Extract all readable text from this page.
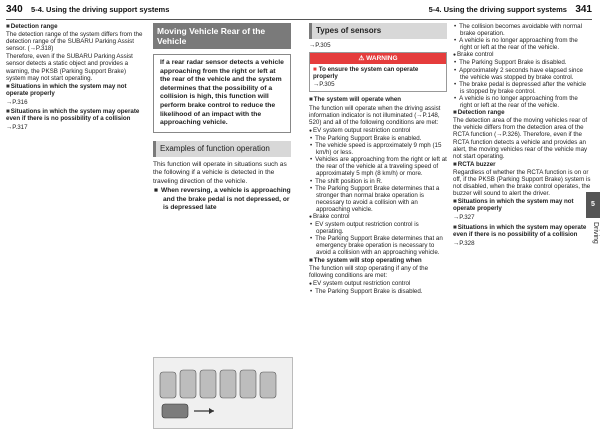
340 5-4. Using the driving support systems	5-4. Using the driving support systems 341

■ Detection range

The detection range of the system differs from the detection range of the SUBARU Parking Assist sensor. (→P.318)

Therefore, even if the SUBARU Parking Assist sensor detects a static object and provides a warning, the PKSB (Parking Support Brake) system may not start operating.

■ Situations in which the system may not operate properly

→P.316

■ Situations in which the system may operate even if there is no possibility of a collision

→P.317

Moving Vehicle Rear of the Vehicle
If a rear radar sensor detects a vehicle approaching from the right or left at the rear of the vehicle and the system determines that the possibility of a collision is high, this function will perform brake control to reduce the likelihood of an impact with the approaching vehicle.
Examples of function operation

This function will operate in situations such as the following if a vehicle is detected in the traveling direction of the vehicle.

■ When reversing, a vehicle is approaching and the brake pedal is not depressed, or is depressed late

Types of sensors

→P.305

⚠ WARNING

■ To ensure the system can operate properly

→P.305

■ The system will operate when

The function will operate when the driving assist information indicator is not illuminated (→P.148, 520) and all of the following conditions are met:

● EV system output restriction control

• The Parking Support Brake is enabled.

• The vehicle speed is approximately 9 mph (15 km/h) or less.

• Vehicles are approaching from the right or left at the rear of the vehicle at a traveling speed of approximately 5 mph (8 km/h) or more.

• The shift position is in R.

• The Parking Support Brake determines that a stronger than normal brake operation is necessary to avoid a collision with an approaching vehicle.

● Brake control

• EV system output restriction control is operating.

• The Parking Support Brake determines that an emergency brake operation is necessary to avoid a collision with an approaching vehicle.

■ The system will stop operating when

The function will stop operating if any of the following conditions are met:

● EV system output restriction control

• The Parking Support Brake is disabled.

• The collision becomes avoidable with normal brake operation.

• A vehicle is no longer approaching from the right or left at the rear of the vehicle.

● Brake control

• The Parking Support Brake is disabled.

• Approximately 2 seconds have elapsed since the vehicle was stopped by brake control.

• The brake pedal is depressed after the vehicle is stopped by brake control.

• A vehicle is no longer approaching from the right or left at the rear of the vehicle.

■ Detection range

The detection area of the moving vehicles rear of the vehicle differs from the detection area of the RCTA function (→P.326). Therefore, even if the RCTA function detects a vehicle and provides an alert, the moving vehicles rear of the vehicle may not start operating.

■ RCTA buzzer

Regardless of whether the RCTA function is on or off, if the PKSB (Parking Support Brake) system is not disabled, when the brake control operates, the buzzer will sound to alert the driver.

■ Situations in which the system may not operate properly

→P.327

■ Situations in which the system may operate even if there is no possibility of a collision

→P.328

5
Driving
